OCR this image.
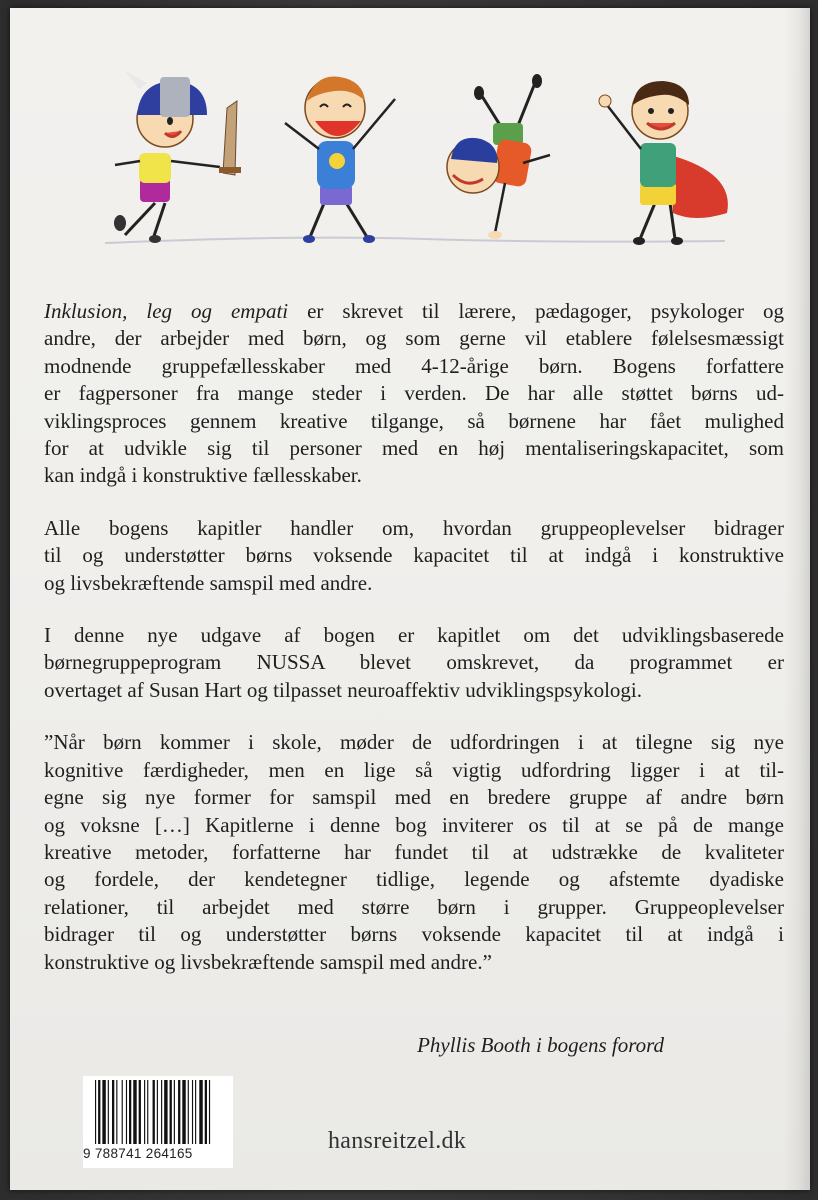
Inklusion, leg og empati er skrevet til lærere, pædagoger, psykologer og

andre, der arbejder med børn, og som gerne vil etablere følelsesmæssigt

modnende gruppefællesskaber med 4-12-årige børn. Bogens forfattere

er fagpersoner fra mange steder i verden. De har alle støttet børns ud-

viklingsproces gennem kreative tilgange, så børnene har fået mulighed

for at udvikle sig til personer med en høj mentaliseringskapacitet, som

kan indgå i konstruktive fællesskaber.

Alle bogens kapitler handler om, hvordan gruppeoplevelser bidrager

til og understøtter børns voksende kapacitet til at indgå i konstruktive

og livsbekræftende samspil med andre.

I denne nye udgave af bogen er kapitlet om det udviklingsbaserede

børnegruppeprogram NUSSA blevet omskrevet, da programmet er

overtaget af Susan Hart og tilpasset neuroaffektiv udviklingspsykologi.

”Når børn kommer i skole, møder de udfordringen i at tilegne sig nye

kognitive færdigheder, men en lige så vigtig udfordring ligger i at til-

egne sig nye former for samspil med en bredere gruppe af andre børn

og voksne […] Kapitlerne i denne bog inviterer os til at se på de mange

kreative metoder, forfatterne har fundet til at udstrække de kvaliteter

og fordele, der kendetegner tidlige, legende og afstemte dyadiske

relationer, til arbejdet med større børn i grupper. Gruppeoplevelser

bidrager til og understøtter børns voksende kapacitet til at indgå i

konstruktive og livsbekræftende samspil med andre.”

Phyllis Booth i bogens forord
9 788741 264165	hansreitzel.dk
